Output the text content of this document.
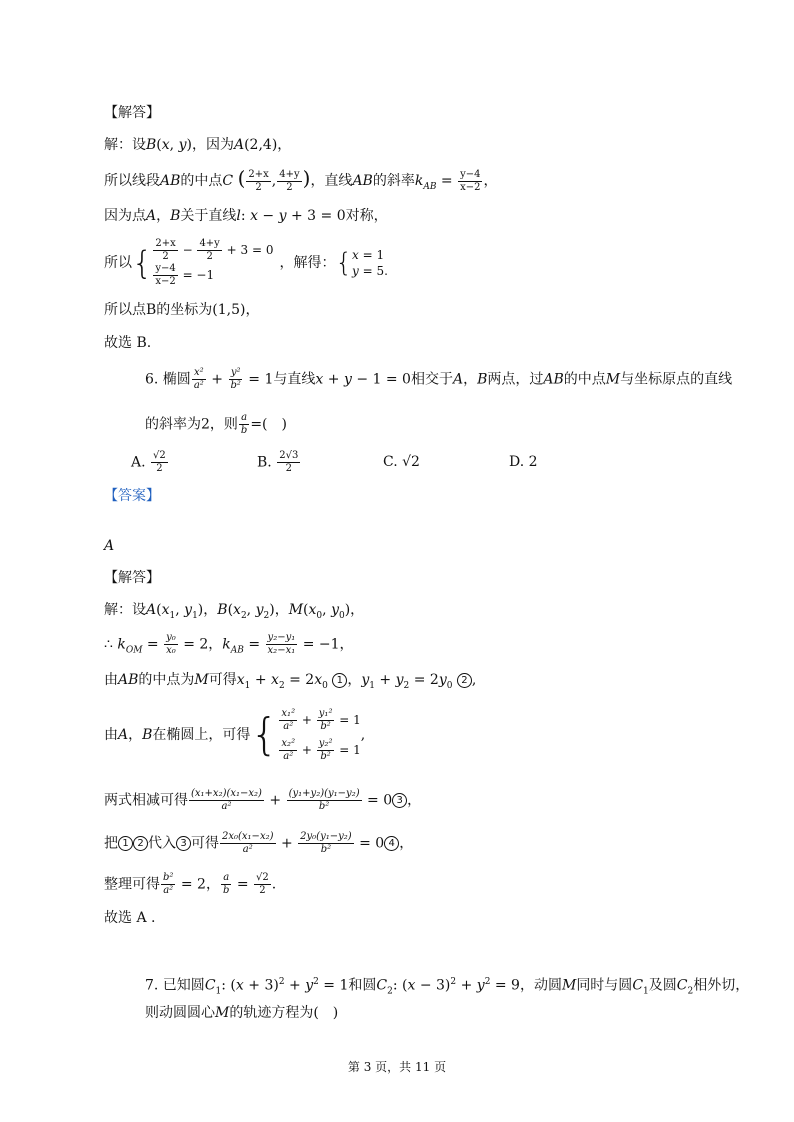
【解答】
解：设B(x, y)，因为A(2,4)，
所以线段AB的中点C ( $\frac{2+x}{2}$ , $\frac{4+y}{2}$ )，直线AB的斜率$k_{AB} = \frac{y-4}{x-2}$ ，
因为点A，B关于直线l: x − y + 3 = 0对称，
所以{ $\frac{2+x}{2} - \frac{4+y}{2} + 3 = 0$
$\frac{y-4}{x-2} = -1$
，解得：{ x = 1
y = 5.
所以点B的坐标为(1,5)，
故选 B.
6. 椭圆 $\frac{\text{x²}}{\text{a²}} + \frac{\text{y²}}{\text{b²}} = 1$与直线x + y − 1 = 0相交于A，B两点，过AB的中点M与坐标原点的直线
的斜率为2，则 $\frac{a}{b}$ =(　)
A. $\frac{√2}{2}$	B. $\frac{2√3}{2}$	C. √2	D. 2
【答案】
A
【解答】
解：设$A(x_1$, $y_1$)，$B(x_2$, $y_2$)，$M(x_0$, $y_0$)，
∴ $k_{OM} = \frac{\text{y₀}}{\text{x₀}} = 2$，$k_{AB} = \frac{\text{y₂−y₁}}{\text{x₂−x₁}} = -1$，
由AB的中点为M可得$x_1 + x_2 = 2x_0$ 1 ，$y_1 + y_2 = 2y_0$ 2 ,
由A，B在椭圆上，可得{ $\frac{\text{x₁²}}{\text{a²}} + \frac{\text{y₁²}}{\text{b²}} = 1$
$\frac{\text{x₂²}}{\text{a²}} + \frac{\text{y₂²}}{\text{b²}} = 1$
,
两式相减可得 $\frac{\text{(x₁+x₂)(x₁−x₂)}}{\text{a²}} + \frac{\text{(y₁+y₂)(y₁−y₂)}}{\text{b²}} = 0$ 3 ，
把 1 2 代入 3 可得 $\frac{\text{2x₀(x₁−x₂)}}{\text{a²}} + \frac{\text{2y₀(y₁−y₂)}}{\text{b²}} = 0$ 4 ，
整理可得 $\frac{\text{b²}}{\text{a²}} = 2$， $\frac{a}{b} = \frac{√2}{2}$ .
故选 A .
7. 已知圆$C_1$: $(x + 3)^2 + y^2 = 1$和圆$C_2$: $(x - 3)^2 + y^2 = 9$，动圆M同时与圆$C_1$及圆$C_2$相外切，
则动圆圆心M的轨迹方程为(　)
第 3 页，共 11 页
